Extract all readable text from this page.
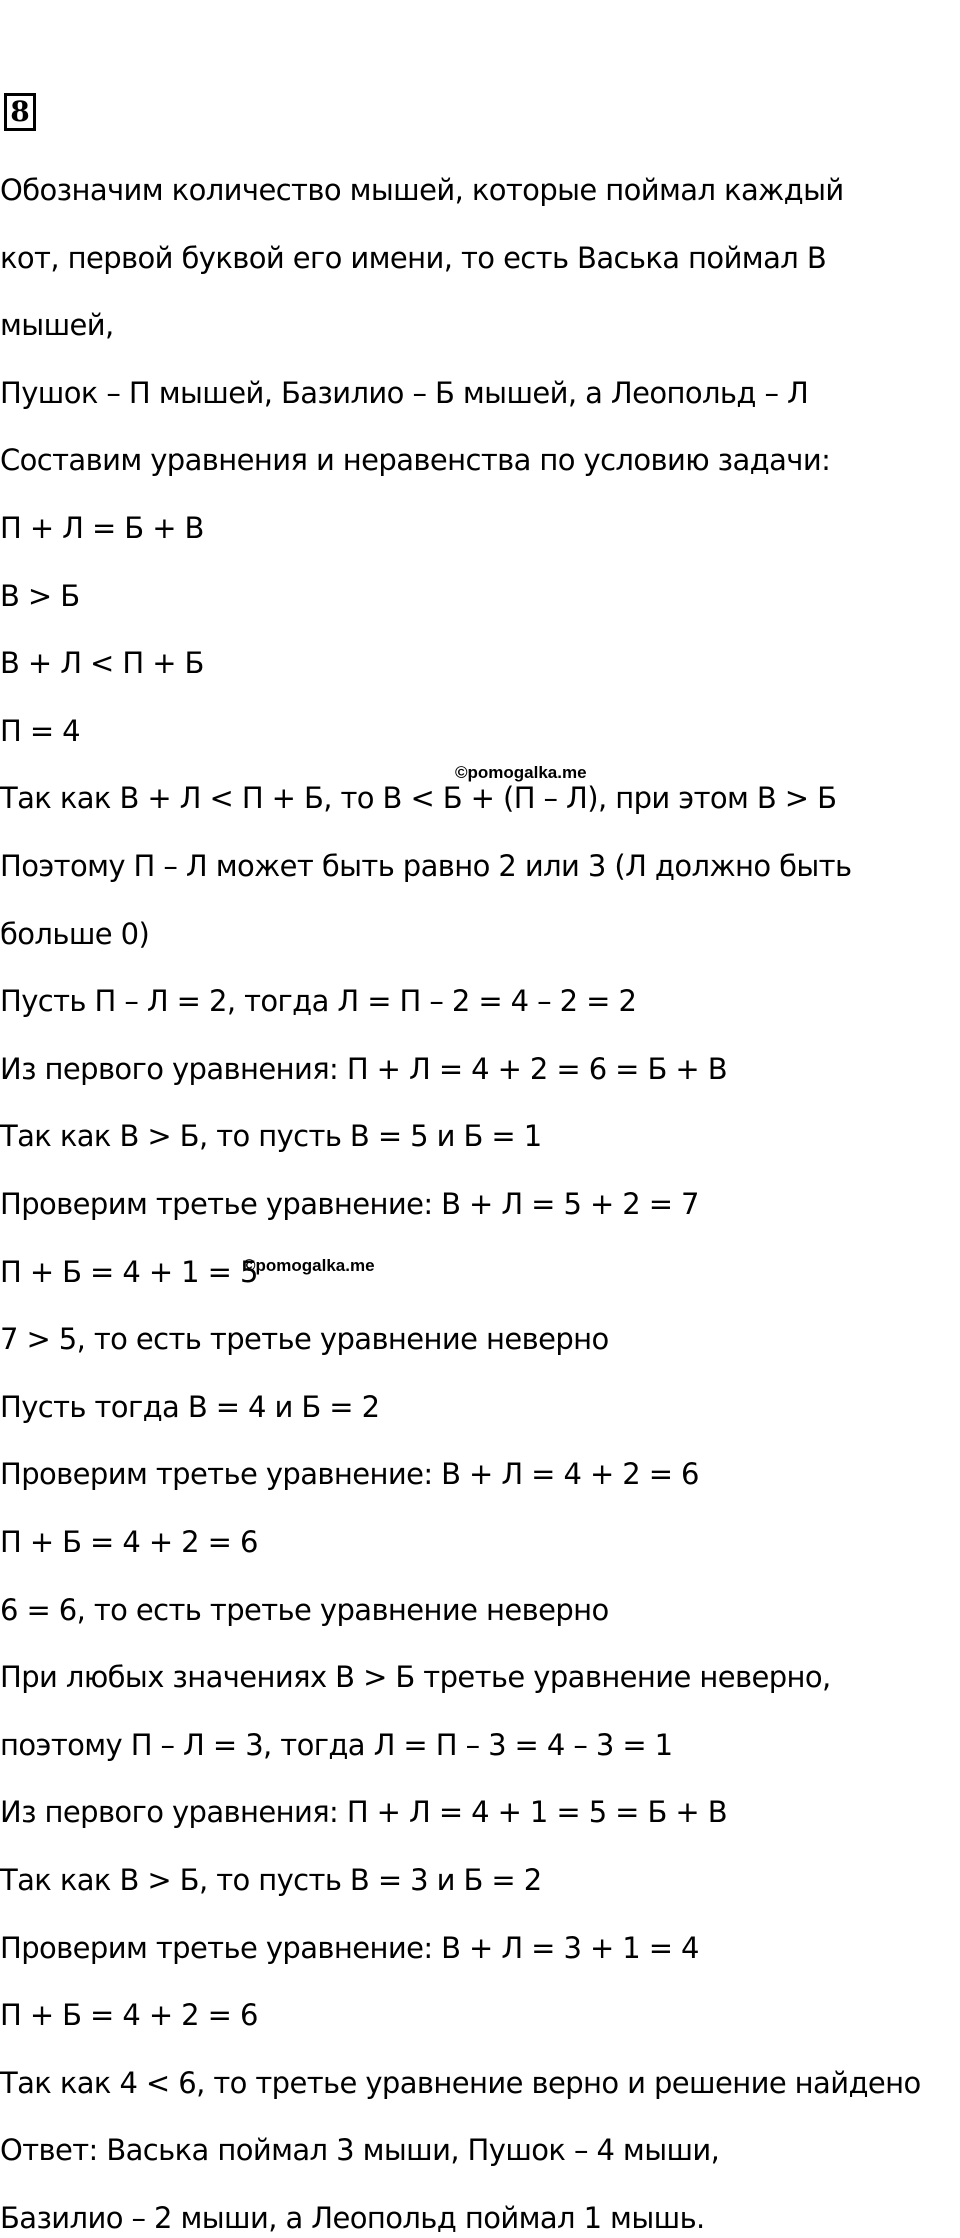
8
Обозначим количество мышей, которые поймал каждый
кот, первой буквой его имени, то есть Васька поймал В
мышей,
Пушок – П мышей, Базилио – Б мышей, а Леопольд – Л
Составим уравнения и неравенства по условию задачи:
П + Л = Б + В
В > Б
В + Л < П + Б
П = 4
Так как В + Л < П + Б, то В < Б + (П – Л), при этом В > Б
Поэтому П – Л может быть равно 2 или 3 (Л должно быть
больше 0)
Пусть П – Л = 2, тогда Л = П – 2 = 4 – 2 = 2
Из первого уравнения: П + Л = 4 + 2 = 6 = Б + В
Так как В > Б, то пусть В = 5 и Б = 1
Проверим третье уравнение: В + Л = 5 + 2 = 7
П + Б = 4 + 1 = 5
7 > 5, то есть третье уравнение неверно
Пусть тогда В = 4 и Б = 2
Проверим третье уравнение: В + Л = 4 + 2 = 6
П + Б = 4 + 2 = 6
6 = 6, то есть третье уравнение неверно
При любых значениях В > Б третье уравнение неверно,
поэтому П – Л = 3, тогда Л = П – 3 = 4 – 3 = 1
Из первого уравнения: П + Л = 4 + 1 = 5 = Б + В
Так как В > Б, то пусть В = 3 и Б = 2
Проверим третье уравнение: В + Л = 3 + 1 = 4
П + Б = 4 + 2 = 6
Так как 4 < 6, то третье уравнение верно и решение найдено
Ответ: Васька поймал 3 мыши, Пушок – 4 мыши,
Базилио – 2 мыши, а Леопольд поймал 1 мышь.
©pomogalka.me
©pomogalka.me
